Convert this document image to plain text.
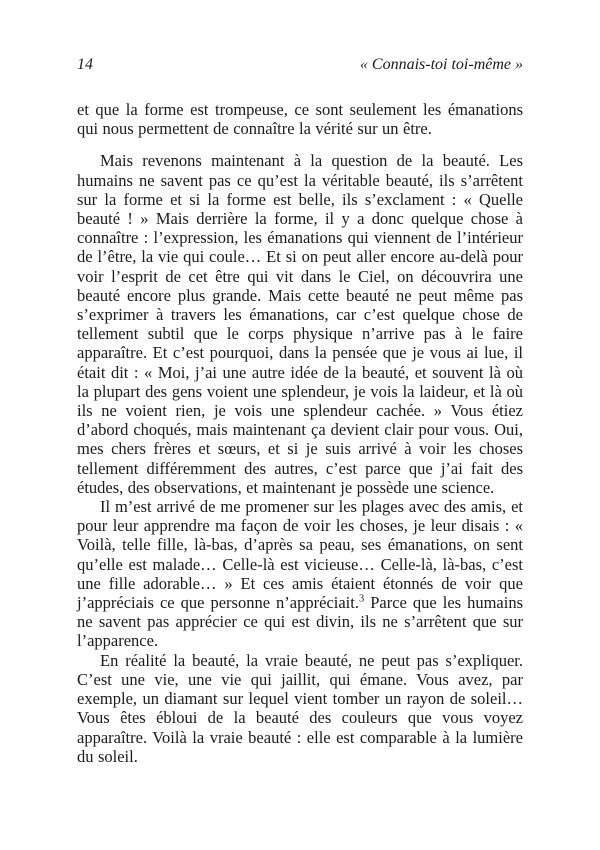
14	« Connais-toi toi-même »

et que la forme est trompeuse, ce sont seulement les émanations qui nous permettent de connaître la vérité sur un être.

Mais revenons maintenant à la question de la beauté. Les humains ne savent pas ce qu’est la véritable beauté, ils s’arrêtent sur la forme et si la forme est belle, ils s’exclament : « Quelle beauté ! » Mais derrière la forme, il y a donc quelque chose à connaître : l’expression, les émanations qui viennent de l’intérieur de l’être, la vie qui coule… Et si on peut aller encore au-delà pour voir l’esprit de cet être qui vit dans le Ciel, on découvrira une beauté encore plus grande. Mais cette beauté ne peut même pas s’exprimer à travers les émanations, car c’est quelque chose de tellement subtil que le corps physique n’arrive pas à le faire apparaître. Et c’est pourquoi, dans la pensée que je vous ai lue, il était dit : « Moi, j’ai une autre idée de la beauté, et souvent là où la plupart des gens voient une splendeur, je vois la laideur, et là où ils ne voient rien, je vois une splendeur cachée. » Vous étiez d’abord choqués, mais maintenant ça devient clair pour vous. Oui, mes chers frères et sœurs, et si je suis arrivé à voir les choses tellement différemment des autres, c’est parce que j’ai fait des études, des observations, et maintenant je possède une science.

Il m’est arrivé de me promener sur les plages avec des amis, et pour leur apprendre ma façon de voir les choses, je leur disais : « Voilà, telle fille, là-bas, d’après sa peau, ses émanations, on sent qu’elle est malade… Celle-là est vicieuse… Celle-là, là-bas, c’est une fille adorable… » Et ces amis étaient étonnés de voir que j’appréciais ce que personne n’appréciait.$^3$ Parce que les humains ne savent pas apprécier ce qui est divin, ils ne s’arrêtent que sur l’apparence.

En réalité la beauté, la vraie beauté, ne peut pas s’expliquer. C’est une vie, une vie qui jaillit, qui émane. Vous avez, par exemple, un diamant sur lequel vient tomber un rayon de soleil… Vous êtes ébloui de la beauté des couleurs que vous voyez apparaître. Voilà la vraie beauté : elle est comparable à la lumière du soleil.
